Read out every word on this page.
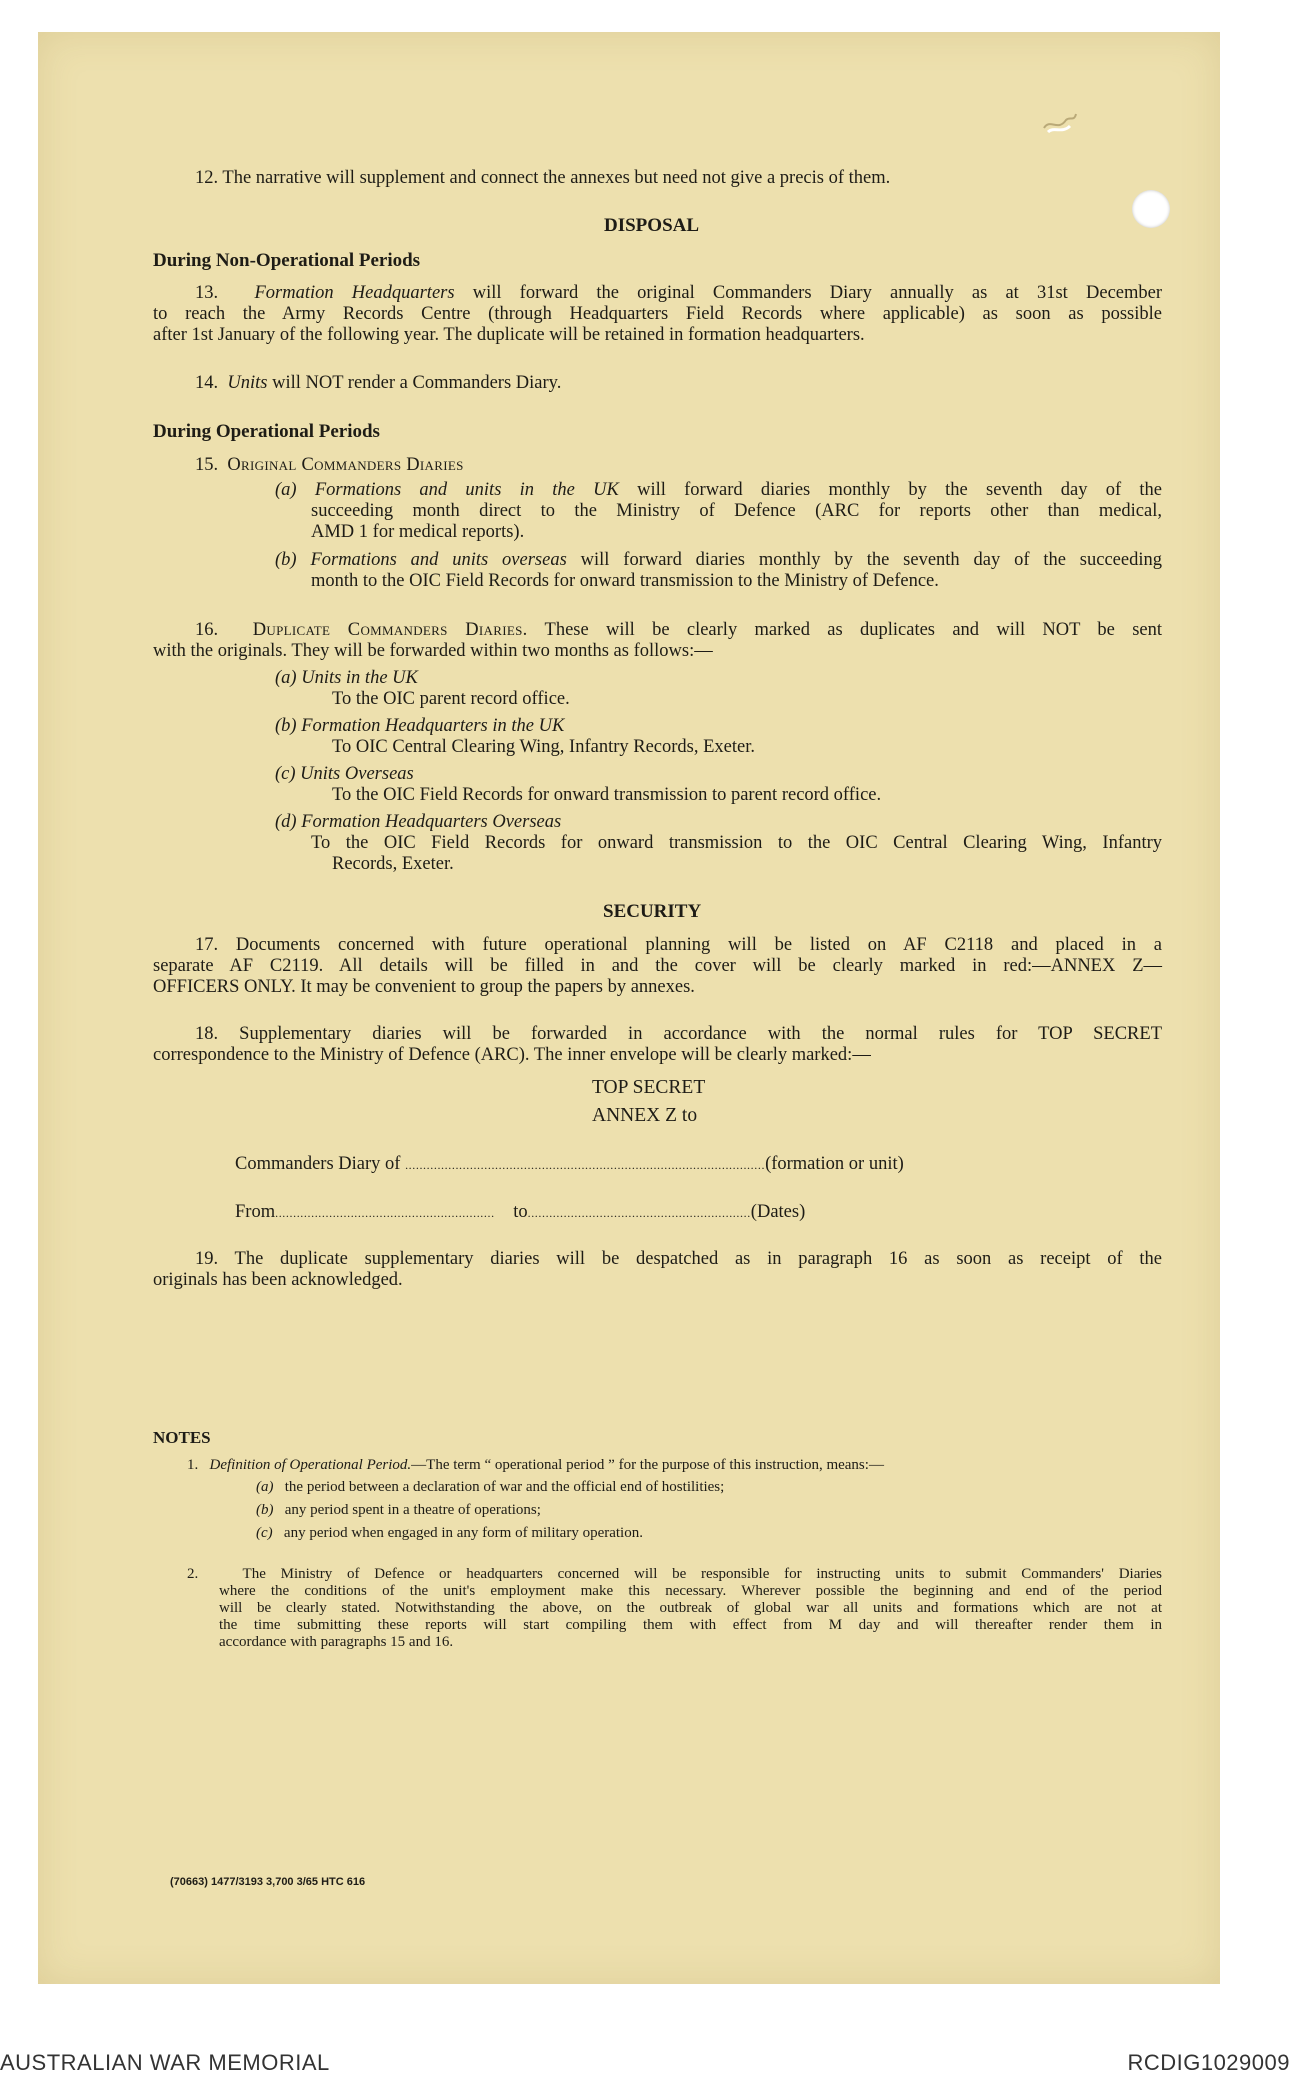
12. The narrative will supplement and connect the annexes but need not give a precis of them.
DISPOSAL
During Non-Operational Periods
13. Formation Headquarters will forward the original Commanders Diary annually as at 31st December
to reach the Army Records Centre (through Headquarters Field Records where applicable) as soon as possible
after 1st January of the following year. The duplicate will be retained in formation headquarters.
14. Units will NOT render a Commanders Diary.
During Operational Periods
15. Original Commanders Diaries
(a) Formations and units in the UK will forward diaries monthly by the seventh day of the
succeeding month direct to the Ministry of Defence (ARC for reports other than medical,
AMD 1 for medical reports).
(b) Formations and units overseas will forward diaries monthly by the seventh day of the succeeding
month to the OIC Field Records for onward transmission to the Ministry of Defence.
16. Duplicate Commanders Diaries. These will be clearly marked as duplicates and will NOT be sent
with the originals. They will be forwarded within two months as follows:—
(a) Units in the UK
To the OIC parent record office.
(b) Formation Headquarters in the UK
To OIC Central Clearing Wing, Infantry Records, Exeter.
(c) Units Overseas
To the OIC Field Records for onward transmission to parent record office.
(d) Formation Headquarters Overseas
To the OIC Field Records for onward transmission to the OIC Central Clearing Wing, Infantry
Records, Exeter.
SECURITY
17. Documents concerned with future operational planning will be listed on AF C2118 and placed in a
separate AF C2119. All details will be filled in and the cover will be clearly marked in red:—ANNEX Z—
OFFICERS ONLY. It may be convenient to group the papers by annexes.
18. Supplementary diaries will be forwarded in accordance with the normal rules for TOP SECRET
correspondence to the Ministry of Defence (ARC). The inner envelope will be clearly marked:—
TOP SECRET
ANNEX Z to
Commanders Diary of ....................................................................................................(formation or unit)
From............................................................. to..............................................................(Dates)
19. The duplicate supplementary diaries will be despatched as in paragraph 16 as soon as receipt of the
originals has been acknowledged.
NOTES
1. Definition of Operational Period.—The term “ operational period ” for the purpose of this instruction, means:—
(a) the period between a declaration of war and the official end of hostilities;
(b) any period spent in a theatre of operations;
(c) any period when engaged in any form of military operation.
2.	The Ministry of Defence or headquarters concerned will be responsible for instructing units to submit Commanders' Diaries
where the conditions of the unit's employment make this necessary. Wherever possible the beginning and end of the period
will be clearly stated. Notwithstanding the above, on the outbreak of global war all units and formations which are not at
the time submitting these reports will start compiling them with effect from M day and will thereafter render them in
accordance with paragraphs 15 and 16.
(70663) 1477/3193 3,700 3/65 HTC 616
AUSTRALIAN WAR MEMORIAL	RCDIG1029009
